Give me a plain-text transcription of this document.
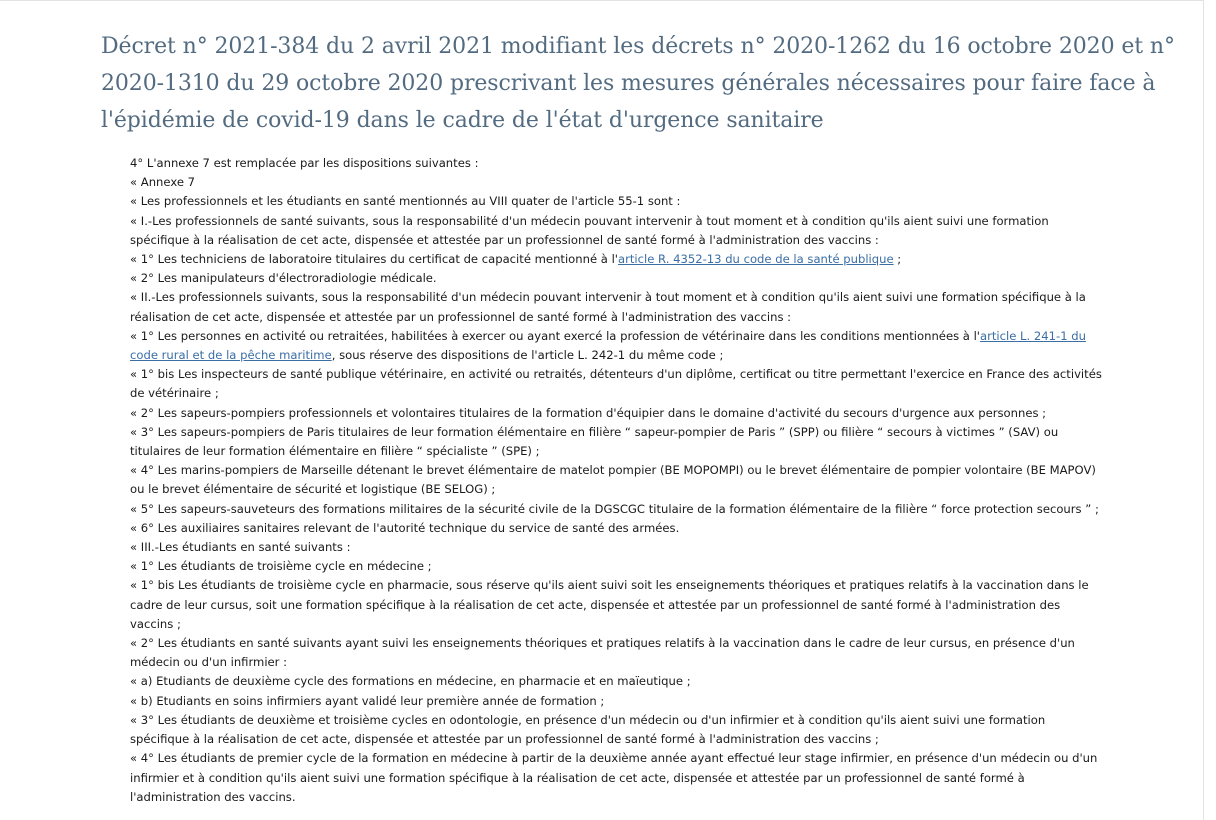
Décret n° 2021-384 du 2 avril 2021 modifiant les décrets n° 2020-1262 du 16 octobre 2020 et n° 2020-1310 du 29 octobre 2020 prescrivant les mesures générales nécessaires pour faire face à l'épidémie de covid-19 dans le cadre de l'état d'urgence sanitaire

4° L'annexe 7 est remplacée par les dispositions suivantes :

« Annexe 7

« Les professionnels et les étudiants en santé mentionnés au VIII quater de l'article 55-1 sont :

« I.-Les professionnels de santé suivants, sous la responsabilité d'un médecin pouvant intervenir à tout moment et à condition qu'ils aient suivi une formation spécifique à la réalisation de cet acte, dispensée et attestée par un professionnel de santé formé à l'administration des vaccins :

« 1° Les techniciens de laboratoire titulaires du certificat de capacité mentionné à l'article R. 4352-13 du code de la santé publique ;

« 2° Les manipulateurs d'électroradiologie médicale.

« II.-Les professionnels suivants, sous la responsabilité d'un médecin pouvant intervenir à tout moment et à condition qu'ils aient suivi une formation spécifique à la réalisation de cet acte, dispensée et attestée par un professionnel de santé formé à l'administration des vaccins :

« 1° Les personnes en activité ou retraitées, habilitées à exercer ou ayant exercé la profession de vétérinaire dans les conditions mentionnées à l'article L. 241-1 du code rural et de la pêche maritime, sous réserve des dispositions de l'article L. 242-1 du même code ;

« 1° bis Les inspecteurs de santé publique vétérinaire, en activité ou retraités, détenteurs d'un diplôme, certificat ou titre permettant l'exercice en France des activités de vétérinaire ;

« 2° Les sapeurs-pompiers professionnels et volontaires titulaires de la formation d'équipier dans le domaine d'activité du secours d'urgence aux personnes ;

« 3° Les sapeurs-pompiers de Paris titulaires de leur formation élémentaire en filière “ sapeur-pompier de Paris ” (SPP) ou filière “ secours à victimes ” (SAV) ou titulaires de leur formation élémentaire en filière “ spécialiste ” (SPE) ;

« 4° Les marins-pompiers de Marseille détenant le brevet élémentaire de matelot pompier (BE MOPOMPI) ou le brevet élémentaire de pompier volontaire (BE MAPOV) ou le brevet élémentaire de sécurité et logistique (BE SELOG) ;

« 5° Les sapeurs-sauveteurs des formations militaires de la sécurité civile de la DGSCGC titulaire de la formation élémentaire de la filière “ force protection secours ” ;

« 6° Les auxiliaires sanitaires relevant de l'autorité technique du service de santé des armées.

« III.-Les étudiants en santé suivants :

« 1° Les étudiants de troisième cycle en médecine ;

« 1° bis Les étudiants de troisième cycle en pharmacie, sous réserve qu'ils aient suivi soit les enseignements théoriques et pratiques relatifs à la vaccination dans le cadre de leur cursus, soit une formation spécifique à la réalisation de cet acte, dispensée et attestée par un professionnel de santé formé à l'administration des vaccins ;

« 2° Les étudiants en santé suivants ayant suivi les enseignements théoriques et pratiques relatifs à la vaccination dans le cadre de leur cursus, en présence d'un médecin ou d'un infirmier :

« a) Etudiants de deuxième cycle des formations en médecine, en pharmacie et en maïeutique ;

« b) Etudiants en soins infirmiers ayant validé leur première année de formation ;

« 3° Les étudiants de deuxième et troisième cycles en odontologie, en présence d'un médecin ou d'un infirmier et à condition qu'ils aient suivi une formation spécifique à la réalisation de cet acte, dispensée et attestée par un professionnel de santé formé à l'administration des vaccins ;

« 4° Les étudiants de premier cycle de la formation en médecine à partir de la deuxième année ayant effectué leur stage infirmier, en présence d'un médecin ou d'un infirmier et à condition qu'ils aient suivi une formation spécifique à la réalisation de cet acte, dispensée et attestée par un professionnel de santé formé à l'administration des vaccins.
